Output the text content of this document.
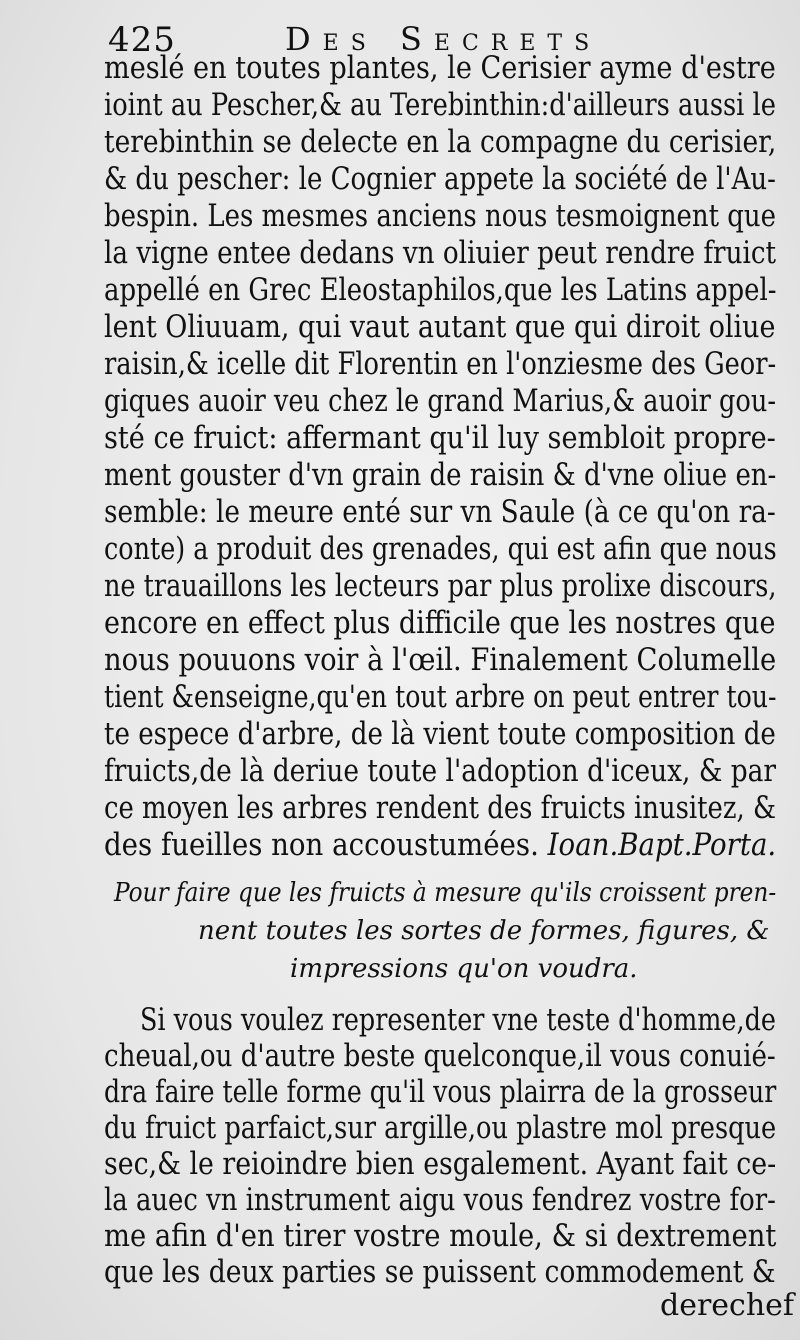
425	Des Secrets
meslé en toutes plantes, le Cerisier ayme d'estre
ioint au Pescher,& au Terebinthin:d'ailleurs aussi le
terebinthin se delecte en la compagne du cerisier,
& du pescher: le Cognier appete la société de l'Au-
bespin. Les mesmes anciens nous tesmoignent que
la vigne entee dedans vn oliuier peut rendre fruict
appellé en Grec Eleostaphilos,que les Latins appel-
lent Oliuuam, qui vaut autant que qui diroit oliue
raisin,& icelle dit Florentin en l'onziesme des Geor-
giques auoir veu chez le grand Marius,& auoir gou-
sté ce fruict: affermant qu'il luy sembloit propre-
ment gouster d'vn grain de raisin & d'vne oliue en-
semble: le meure enté sur vn Saule (à ce qu'on ra-
conte) a produit des grenades, qui est afin que nous
ne trauaillons les lecteurs par plus prolixe discours,
encore en effect plus difficile que les nostres que
nous pouuons voir à l'œil. Finalement Columelle
tient &enseigne,qu'en tout arbre on peut entrer tou-
te espece d'arbre, de là vient toute composition de
fruicts,de là deriue toute l'adoption d'iceux, & par
ce moyen les arbres rendent des fruicts inusitez, &
des fueilles non accoustumées. Ioan.Bapt.Porta.
Pour faire que les fruicts à mesure qu'ils croissent pren-
nent toutes les sortes de formes, figures, &
impressions qu'on voudra.
Si vous voulez representer vne teste d'homme,de
cheual,ou d'autre beste quelconque,il vous conuié-
dra faire telle forme qu'il vous plairra de la grosseur
du fruict parfaict,sur argille,ou plastre mol presque
sec,& le reioindre bien esgalement. Ayant fait ce-
la auec vn instrument aigu vous fendrez vostre for-
me afin d'en tirer vostre moule, & si dextrement
que les deux parties se puissent commodement &
derechef
